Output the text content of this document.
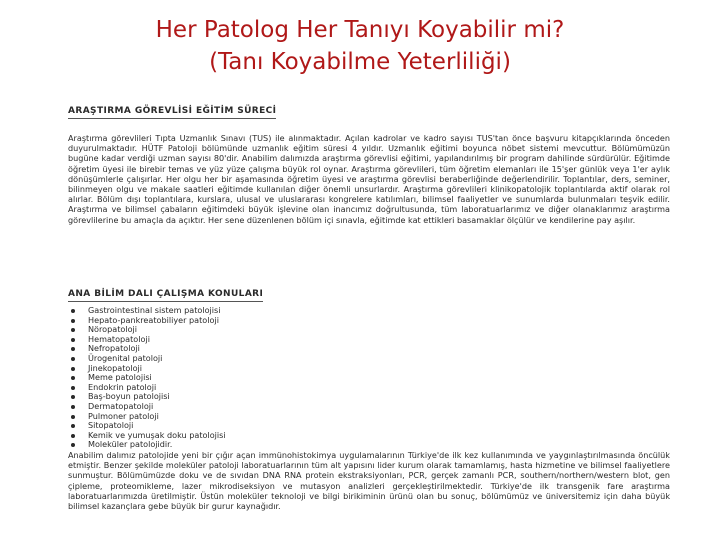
Her Patolog Her Tanıyı Koyabilir mi?
(Tanı Koyabilme Yeterliliği)
ARAŞTIRMA GÖREVLİSİ EĞİTİM SÜRECİ
Araştırma görevlileri Tıpta Uzmanlık Sınavı (TUS) ile alınmaktadır. Açılan kadrolar ve kadro sayısı TUS'tan önce başvuru kitapçıklarında önceden duyurulmaktadır. HÜTF Patoloji bölümünde uzmanlık eğitim süresi 4 yıldır. Uzmanlık eğitimi boyunca nöbet sistemi mevcuttur. Bölümümüzün bugüne kadar verdiği uzman sayısı 80'dir. Anabilim dalımızda araştırma görevlisi eğitimi, yapılandırılmış bir program dahilinde sürdürülür. Eğitimde öğretim üyesi ile birebir temas ve yüz yüze çalışma büyük rol oynar. Araştırma görevlileri, tüm öğretim elemanları ile 15'şer günlük veya 1'er aylık dönüşümlerle çalışırlar. Her olgu her bir aşamasında öğretim üyesi ve araştırma görevlisi beraberliğinde değerlendirilir. Toplantılar, ders, seminer, bilinmeyen olgu ve makale saatleri eğitimde kullanılan diğer önemli unsurlardır. Araştırma görevlileri klinikopatolojik toplantılarda aktif olarak rol alırlar. Bölüm dışı toplantılara, kurslara, ulusal ve uluslararası kongrelere katılımları, bilimsel faaliyetler ve sunumlarda bulunmaları teşvik edilir. Araştırma ve bilimsel çabaların eğitimdeki büyük işlevine olan inancımız doğrultusunda, tüm laboratuarlarımız ve diğer olanaklarımız araştırma görevlilerine bu amaçla da açıktır. Her sene düzenlenen bölüm içi sınavla, eğitimde kat ettikleri basamaklar ölçülür ve kendilerine pay aşılır.
ANA BİLİM DALI ÇALIŞMA KONULARI
Gastrointestinal sistem patolojisi
Hepato-pankreatobiliyer patoloji
Nöropatoloji
Hematopatoloji
Nefropatoloji
Ürogenital patoloji
Jinekopatoloji
Meme patolojisi
Endokrin patoloji
Baş-boyun patolojisi
Dermatopatoloji
Pulmoner patoloji
Sitopatoloji
Kemik ve yumuşak doku patolojisi
Moleküler patolojidir.
Anabilim dalımız patolojide yeni bir çığır açan immünohistokimya uygulamalarının Türkiye'de ilk kez kullanımında ve yaygınlaştırılmasında öncülük etmiştir. Benzer şekilde moleküler patoloji laboratuarlarının tüm alt yapısını lider kurum olarak tamamlamış, hasta hizmetine ve bilimsel faaliyetlere sunmuştur. Bölümümüzde doku ve de sıvıdan DNA RNA protein ekstraksiyonları, PCR, gerçek zamanlı PCR, southern/northern/western blot, gen çipleme, proteomikleme, lazer mikrodiseksiyon ve mutasyon analizleri gerçekleştirilmektedir. Türkiye'de ilk transgenik fare araştırma laboratuarlarımızda üretilmiştir. Üstün moleküler teknoloji ve bilgi birikiminin ürünü olan bu sonuç, bölümümüz ve üniversitemiz için daha büyük bilimsel kazançlara gebe büyük bir gurur kaynağıdır.
